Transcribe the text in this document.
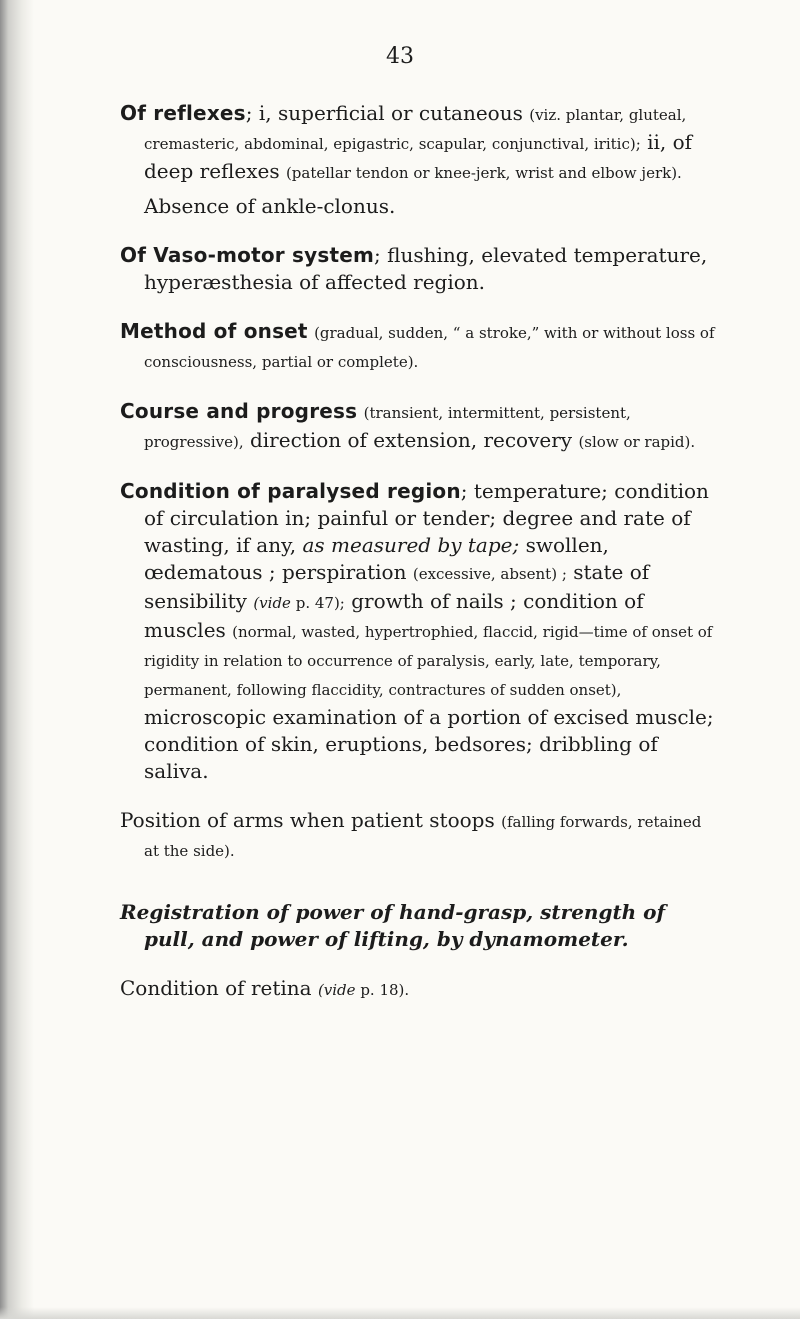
43

Of reflexes; i, superficial or cutaneous (viz. plantar, gluteal, cremasteric, abdominal, epigastric, scapular, conjunctival, iritic); ii, of deep reflexes (patellar tendon or knee-jerk, wrist and elbow jerk).

Absence of ankle-clonus.

Of Vaso-motor system; flushing, elevated temperature, hyperæsthesia of affected region.

Method of onset (gradual, sudden, “ a stroke,” with or without loss of consciousness, partial or complete).

Course and progress (transient, intermittent, persistent, progressive), direction of extension, recovery (slow or rapid).

Condition of paralysed region; temperature; condition of circulation in; painful or tender; degree and rate of wasting, if any, as measured by tape; swollen, œdematous ; perspiration (excessive, absent) ; state of sensibility (vide p. 47); growth of nails ; condition of muscles (normal, wasted, hypertrophied, flaccid, rigid—time of onset of rigidity in relation to occurrence of paralysis, early, late, temporary, permanent, following flaccidity, contractures of sudden onset), microscopic examination of a portion of excised muscle; condition of skin, eruptions, bedsores; dribbling of saliva.

Position of arms when patient stoops (falling forwards, retained at the side).

Registration of power of hand-grasp, strength of pull, and power of lifting, by dynamometer.

Condition of retina (vide p. 18).
